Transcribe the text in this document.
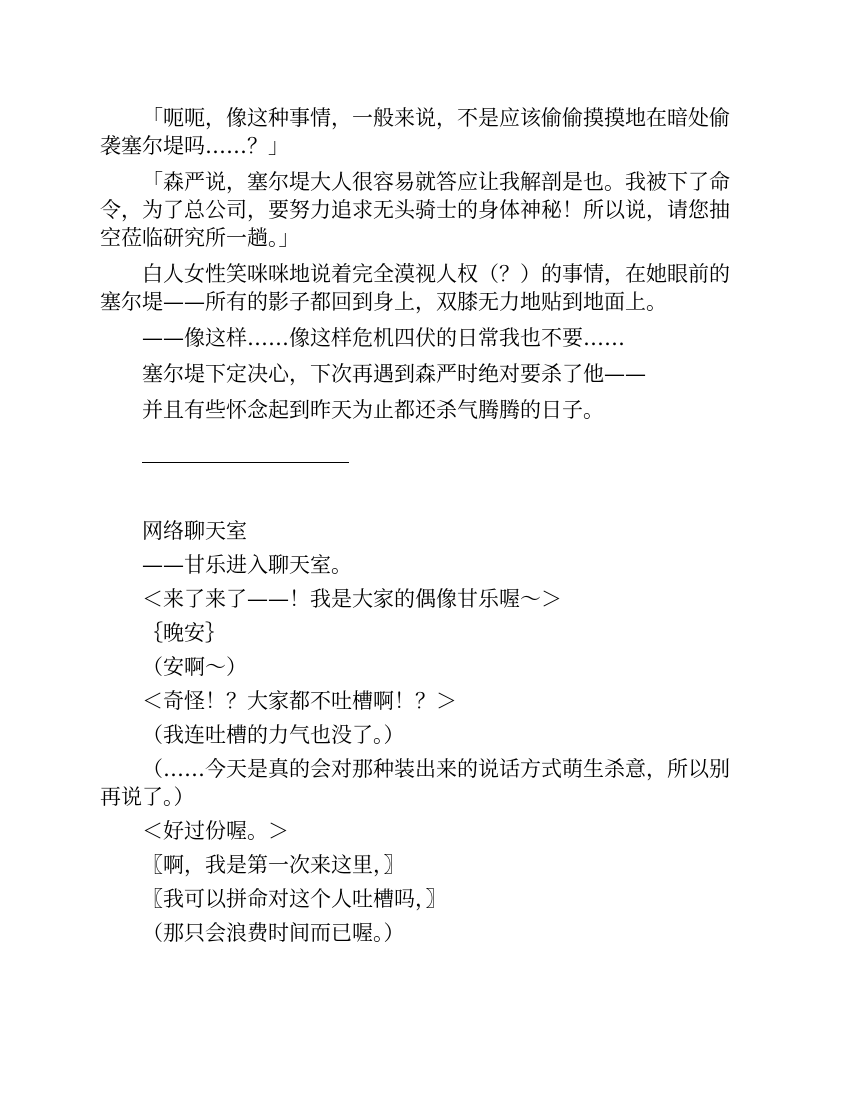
「呃呃，像这种事情，一般来说，不是应该偷偷摸摸地在暗处偷袭塞尔堤吗……？」

「森严说，塞尔堤大人很容易就答应让我解剖是也。我被下了命令，为了总公司，要努力追求无头骑士的身体神秘！所以说，请您抽空莅临研究所一趟。」

白人女性笑咪咪地说着完全漠视人权（？）的事情，在她眼前的塞尔堤——所有的影子都回到身上，双膝无力地贴到地面上。

——像这样……像这样危机四伏的日常我也不要……

塞尔堤下定决心，下次再遇到森严时绝对要杀了他——

并且有些怀念起到昨天为止都还杀气腾腾的日子。

网络聊天室

——甘乐进入聊天室。

＜来了来了——！我是大家的偶像甘乐喔～＞

｛晚安｝

（安啊～）

＜奇怪！？大家都不吐槽啊！？＞

（我连吐槽的力气也没了。）

（……今天是真的会对那种装出来的说话方式萌生杀意，所以别再说了。）

＜好过份喔。＞

〖啊，我是第一次来这里，〗

〖我可以拼命对这个人吐槽吗，〗

（那只会浪费时间而已喔。）
